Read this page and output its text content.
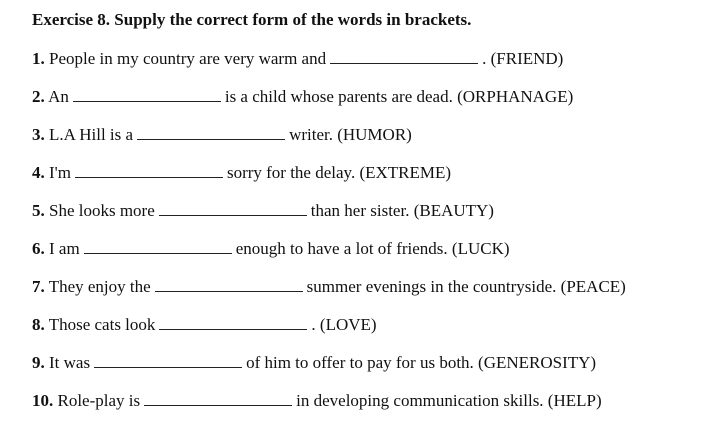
Exercise 8. Supply the correct form of the words in brackets.
1. People in my country are very warm and	. (FRIEND)
2. An	is a child whose parents are dead. (ORPHANAGE)
3. L.A Hill is a	writer. (HUMOR)
4. I'm	sorry for the delay. (EXTREME)
5. She looks more	than her sister. (BEAUTY)
6. I am	enough to have a lot of friends. (LUCK)
7. They enjoy the	summer evenings in the countryside. (PEACE)
8. Those cats look	. (LOVE)
9. It was	of him to offer to pay for us both. (GENEROSITY)
10. Role-play is	in developing communication skills. (HELP)
